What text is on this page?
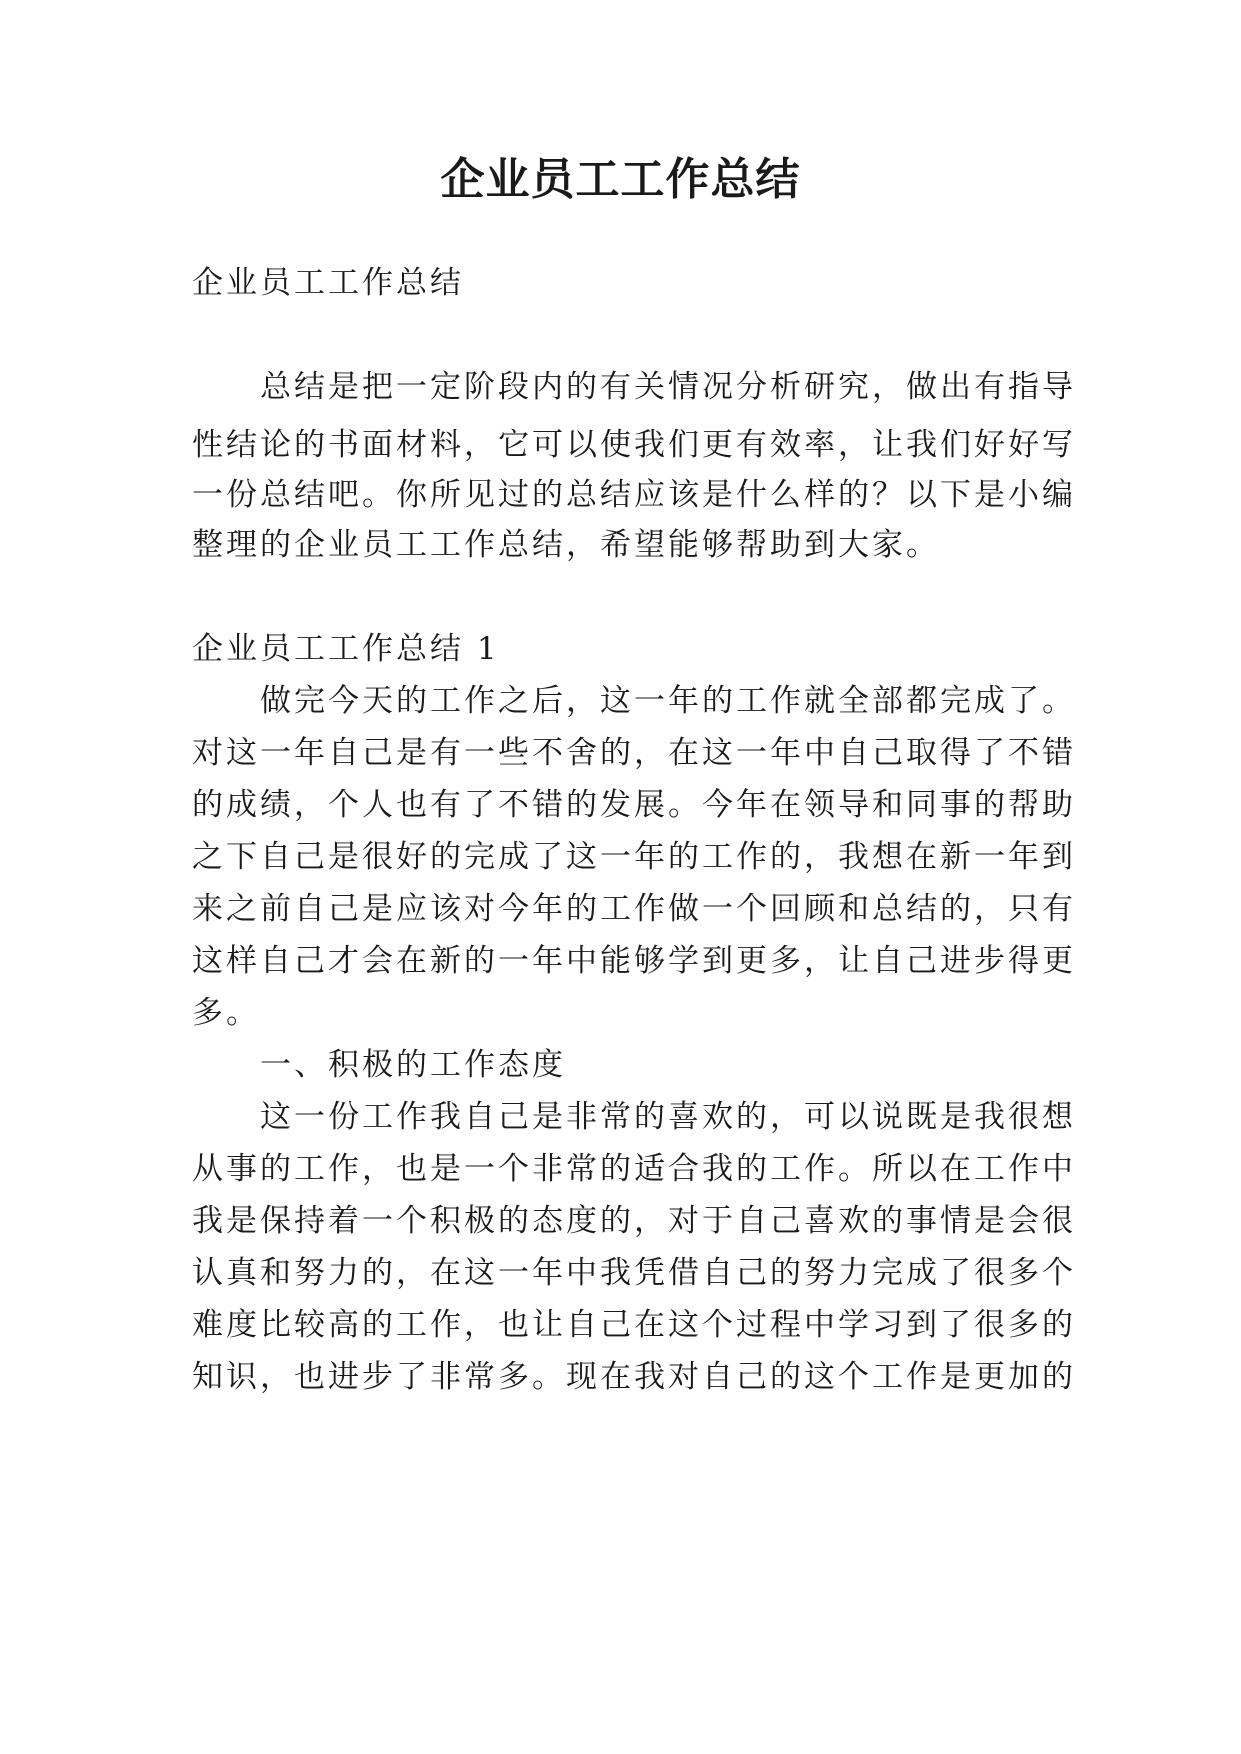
企业员工工作总结
企业员工工作总结
总结是把一定阶段内的有关情况分析研究，做出有指导
性结论的书面材料，它可以使我们更有效率，让我们好好写
一份总结吧。你所见过的总结应该是什么样的？以下是小编
整理的企业员工工作总结，希望能够帮助到大家。
企业员工工作总结 1
做完今天的工作之后，这一年的工作就全部都完成了。
对这一年自己是有一些不舍的，在这一年中自己取得了不错
的成绩，个人也有了不错的发展。今年在领导和同事的帮助
之下自己是很好的完成了这一年的工作的，我想在新一年到
来之前自己是应该对今年的工作做一个回顾和总结的，只有
这样自己才会在新的一年中能够学到更多，让自己进步得更
多。
一、积极的工作态度
这一份工作我自己是非常的喜欢的，可以说既是我很想
从事的工作，也是一个非常的适合我的工作。所以在工作中
我是保持着一个积极的态度的，对于自己喜欢的事情是会很
认真和努力的，在这一年中我凭借自己的努力完成了很多个
难度比较高的工作，也让自己在这个过程中学习到了很多的
知识，也进步了非常多。现在我对自己的这个工作是更加的
